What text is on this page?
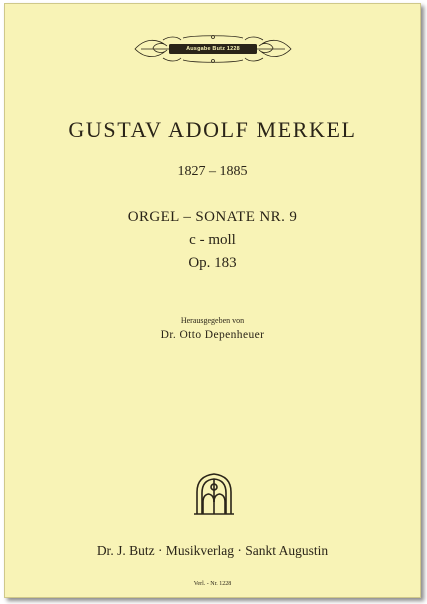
Ausgabe Butz 1228
GUSTAV ADOLF MERKEL
1827 – 1885
ORGEL – SONATE NR. 9
c - moll
Op. 183
Herausgegeben von
Dr. Otto Depenheuer
Dr. J. Butz · Musikverlag · Sankt Augustin
Verl. - Nr. 1228
